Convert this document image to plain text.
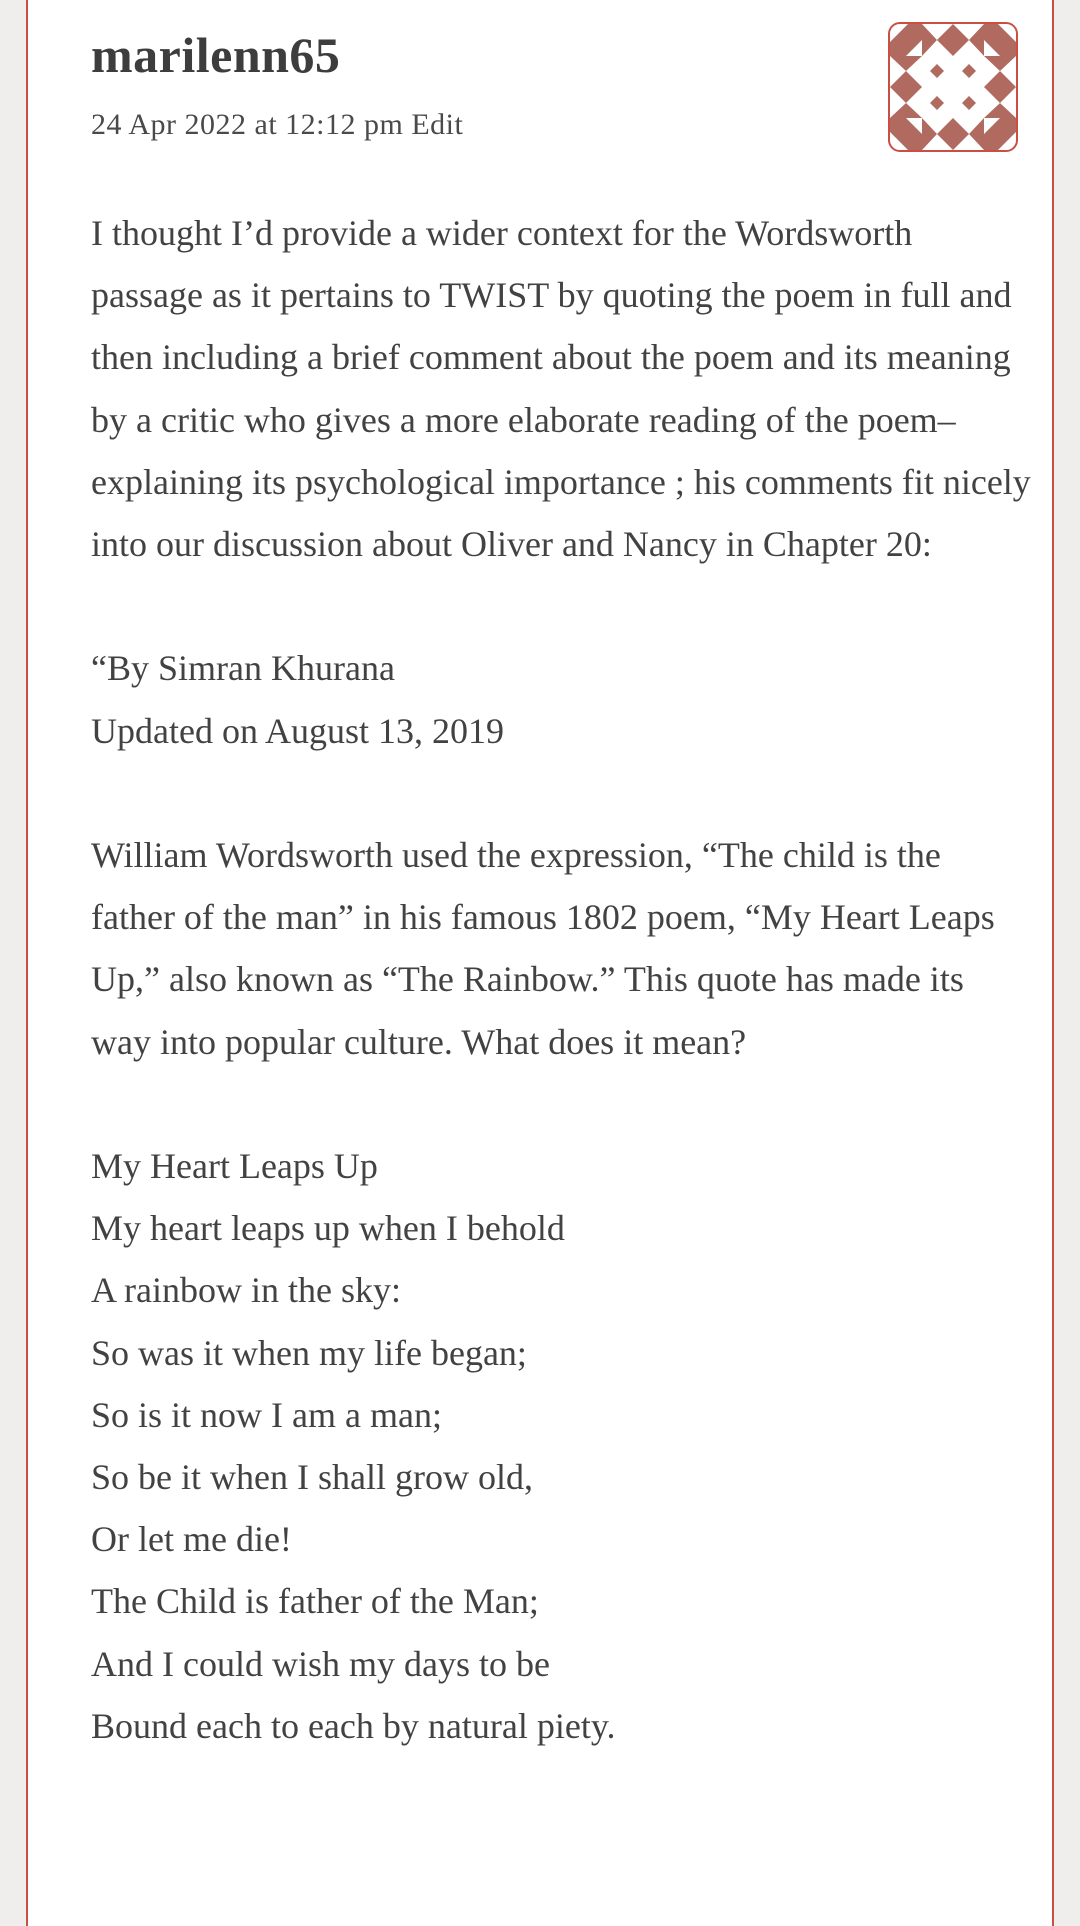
marilenn65
24 Apr 2022 at 12:12 pm Edit

I thought I’d provide a wider context for the Wordsworth passage as it pertains to TWIST by quoting the poem in full and then including a brief comment about the poem and its meaning by a critic who gives a more elaborate reading of the poem–explaining its psychological importance ; his comments fit nicely into our discussion about Oliver and Nancy in Chapter 20:

“By Simran Khurana
Updated on August 13, 2019

William Wordsworth used the expression, “The child is the father of the man” in his famous 1802 poem, “My Heart Leaps Up,” also known as “The Rainbow.” This quote has made its way into popular culture. What does it mean?

My Heart Leaps Up
My heart leaps up when I behold
A rainbow in the sky:
So was it when my life began;
So is it now I am a man;
So be it when I shall grow old,
Or let me die!
The Child is father of the Man;
And I could wish my days to be
Bound each to each by natural piety.
